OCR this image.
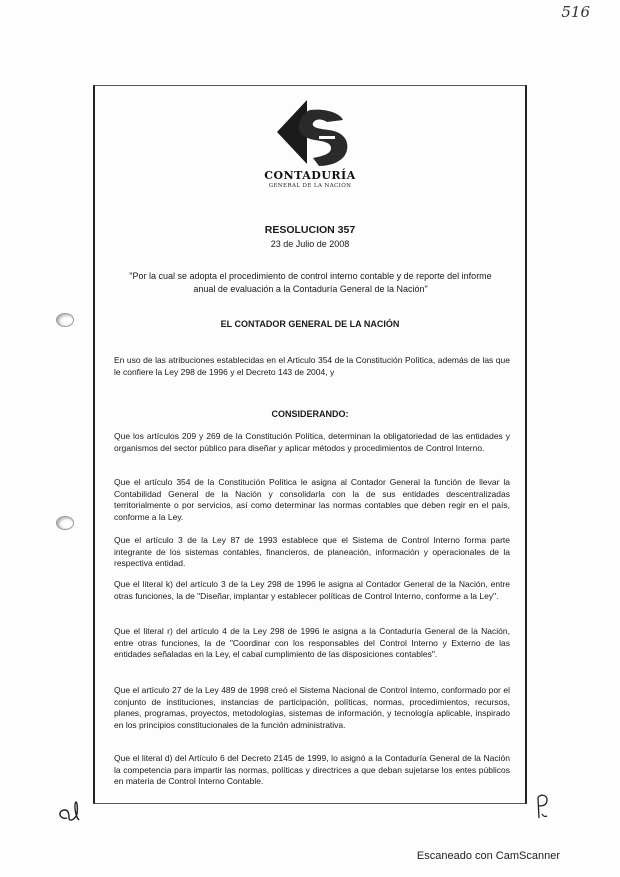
516
CONTADURÍA
GENERAL DE LA NACIÓN
RESOLUCION 357
23 de Julio de 2008
"Por la cual se adopta el procedimiento de control interno contable y de reporte del informe anual de evaluación a la Contaduría General de la Nación"
EL CONTADOR GENERAL DE LA NACIÓN
En uso de las atribuciones establecidas en el Articulo 354 de la Constitución Política, además de las que le confiere la Ley 298 de 1996 y el Decreto 143 de 2004, y
CONSIDERANDO:
Que los artículos 209 y 269 de la Constitución Política, determinan la obligatoriedad de las entidades y organismos del sector público para diseñar y aplicar métodos y procedimientos de Control Interno.
Que el artículo 354 de la Constitución Política le asigna al Contador General la función de llevar la Contabilidad General de la Nación y consolidarla con la de sus entidades descentralizadas territorialmente o por servicios, así como determinar las normas contables que deben regir en el país, conforme a la Ley.
Que el artículo 3 de la Ley 87 de 1993 establece que el Sistema de Control Interno forma parte integrante de los sistemas contables, financieros, de planeación, información y operacionales de la respectiva entidad.
Que el literal k) del artículo 3 de la Ley 298 de 1996 le asigna al Contador General de la Nación, entre otras funciones, la de "Diseñar, implantar y establecer políticas de Control Interno, conforme a la Ley".
Que el literal r) del artículo 4 de la Ley 298 de 1996 le asigna a la Contaduría General de la Nación, entre otras funciones, la de "Coordinar con los responsables del Control Interno y Externo de las entidades señaladas en la Ley, el cabal cumplimiento de las disposiciones contables".
Que el artículo 27 de la Ley 489 de 1998 creó el Sistema Nacional de Control Interno, conformado por el conjunto de instituciones, instancias de participación, políticas, normas, procedimientos, recursos, planes, programas, proyectos, metodologías, sistemas de información, y tecnología aplicable, inspirado en los principios constitucionales de la función administrativa.
Que el literal d) del Artículo 6 del Decreto 2145 de 1999, lo asignó a la Contaduría General de la Nación la competencia para impartir las normas, políticas y directrices a que deban sujetarse los entes públicos en materia de Control Interno Contable.
Escaneado con CamScanner
